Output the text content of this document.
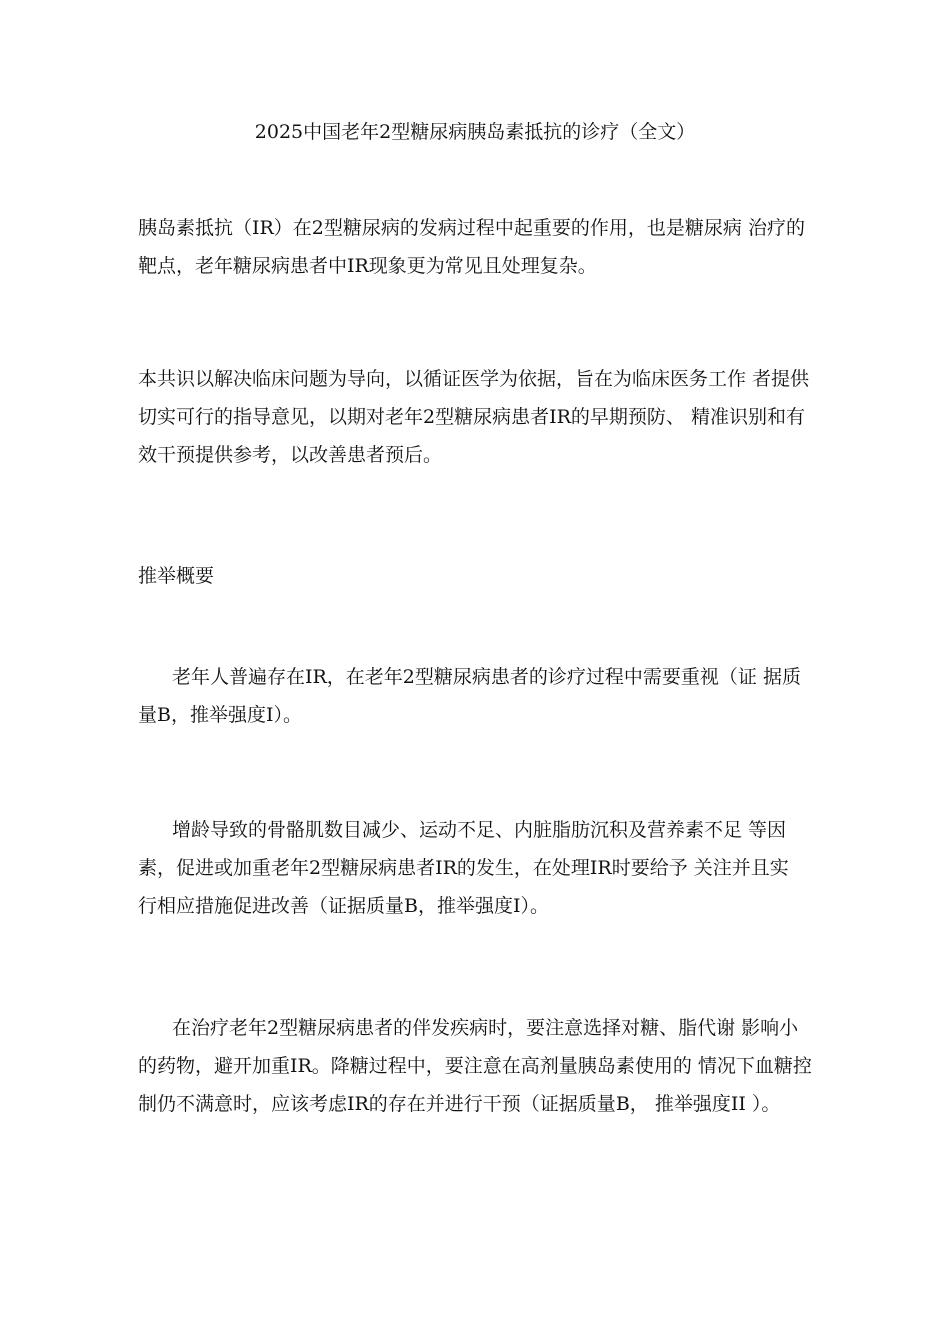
2025中国老年2型糖尿病胰岛素抵抗的诊疗（全文）

胰岛素抵抗（IR）在2型糖尿病的发病过程中起重要的作用，也是糖尿病 治疗的
靶点，老年糖尿病患者中IR现象更为常见且处理复杂。

本共识以解决临床问题为导向，以循证医学为依据，旨在为临床医务工作 者提供
切实可行的指导意见，以期对老年2型糖尿病患者IR的早期预防、 精准识别和有
效干预提供参考，以改善患者预后。

推举概要

老年人普遍存在IR，在老年2型糖尿病患者的诊疗过程中需要重视（证 据质
量B，推举强度I）。

增龄导致的骨骼肌数目减少、运动不足、内脏脂肪沉积及营养素不足 等因
素，促进或加重老年2型糖尿病患者IR的发生，在处理IR时要给予 关注并且实
行相应措施促进改善（证据质量B，推举强度I）。

在治疗老年2型糖尿病患者的伴发疾病时，要注意选择对糖、脂代谢 影响小
的药物，避开加重IR。降糖过程中，要注意在高剂量胰岛素使用的 情况下血糖控
制仍不满意时，应该考虑IR的存在并进行干预（证据质量B， 推举强度II ）。
